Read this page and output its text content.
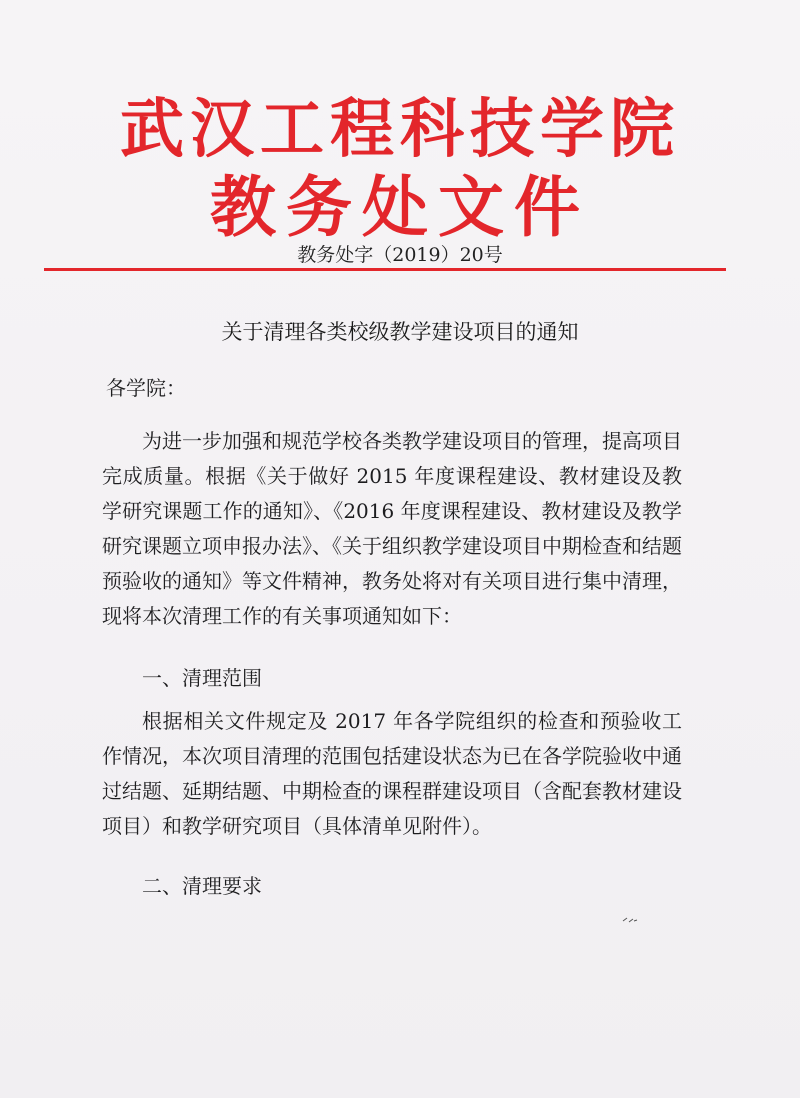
武汉工程科技学院
教务处文件
教务处字（2019）20号
关于清理各类校级教学建设项目的通知
各学院：

为进一步加强和规范学校各类教学建设项目的管理，提高项目完成质量。根据《关于做好 2015 年度课程建设、教材建设及教学研究课题工作的通知》、《2016 年度课程建设、教材建设及教学研究课题立项申报办法》、《关于组织教学建设项目中期检查和结题预验收的通知》等文件精神，教务处将对有关项目进行集中清理，现将本次清理工作的有关事项通知如下：

一、清理范围

根据相关文件规定及 2017 年各学院组织的检查和预验收工作情况，本次项目清理的范围包括建设状态为已在各学院验收中通过结题、延期结题、中期检查的课程群建设项目（含配套教材建设项目）和教学研究项目（具体清单见附件）。

二、清理要求
